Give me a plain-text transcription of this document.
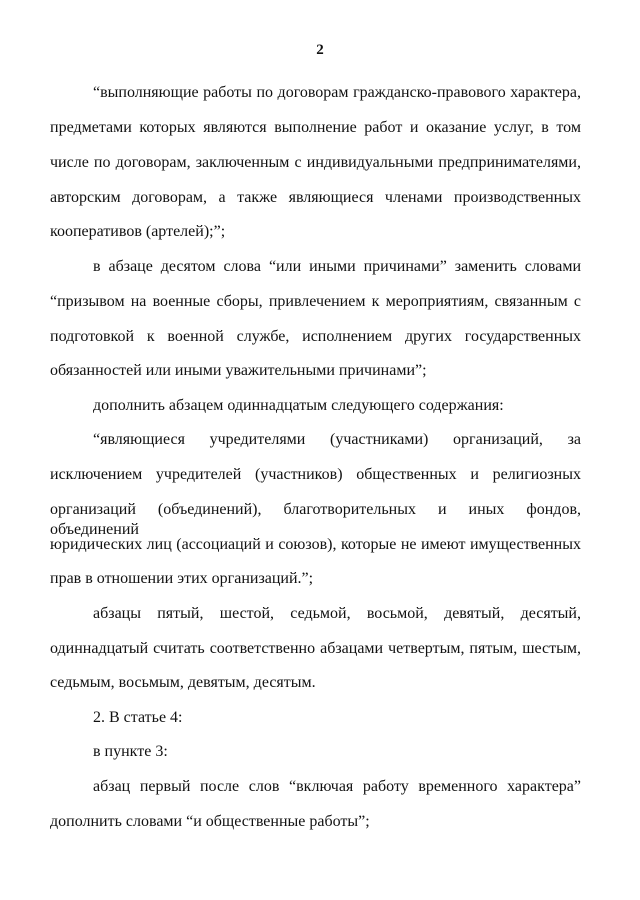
2
“выполняющие работы по договорам гражданско-правового характера,
предметами которых являются выполнение работ и оказание услуг, в том
числе по договорам, заключенным с индивидуальными предпринимателями,
авторским договорам, а также являющиеся членами производственных
кооперативов (артелей);”;
в абзаце десятом слова “или иными причинами” заменить словами
“призывом на военные сборы, привлечением к мероприятиям, связанным с
подготовкой к военной службе, исполнением других государственных
обязанностей или иными уважительными причинами”;
дополнить абзацем одиннадцатым следующего содержания:
“являющиеся учредителями (участниками) организаций, за
исключением учредителей (участников) общественных и религиозных
организаций (объединений), благотворительных и иных фондов, объединений
юридических лиц (ассоциаций и союзов), которые не имеют имущественных
прав в отношении этих организаций.”;
абзацы пятый, шестой, седьмой, восьмой, девятый, десятый,
одиннадцатый считать соответственно абзацами четвертым, пятым, шестым,
седьмым, восьмым, девятым, десятым.
2. В статье 4:
в пункте 3:
абзац первый после слов “включая работу временного характера”
дополнить словами “и общественные работы”;
